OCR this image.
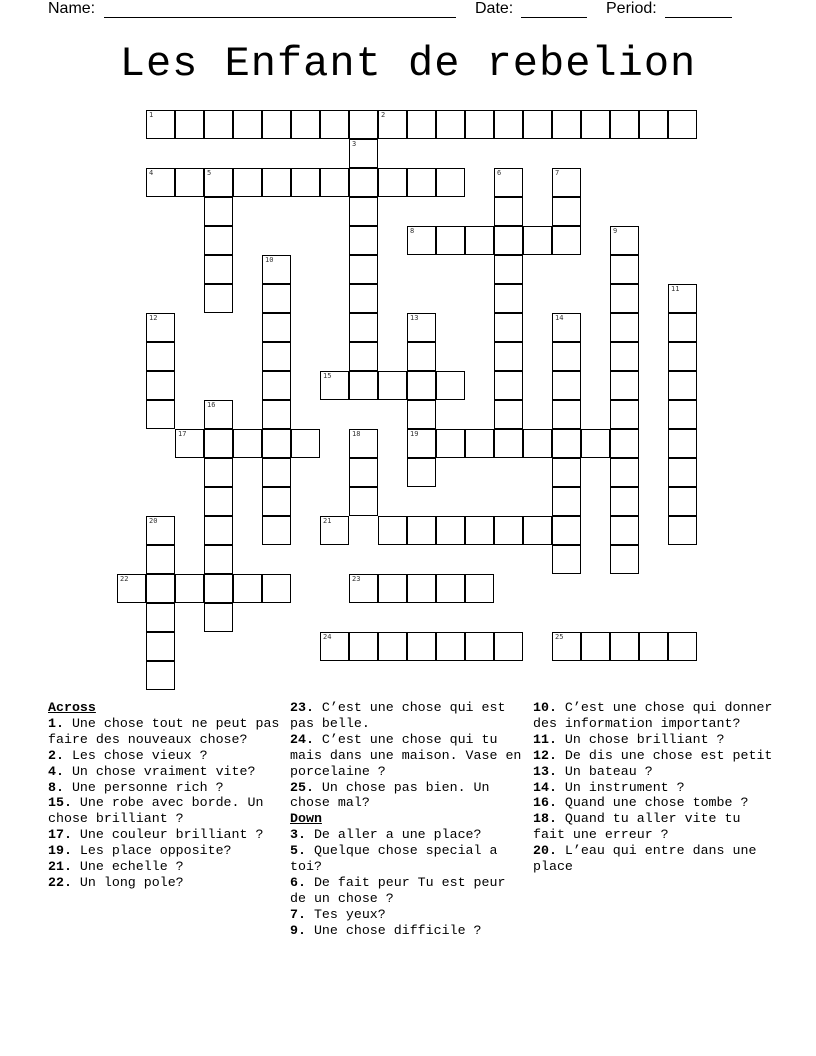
Name:	Date:	Period:
Les Enfant de rebelion
1	2
3
4	5	6	7
8	9
10
11
12	13	14
15
16
17	18	19
20	21
22	23
24	25
Across
1. Une chose tout ne peut pas faire des nouveaux chose?
2. Les chose vieux ?
4. Un chose vraiment vite?
8. Une personne rich ?
15. Une robe avec borde. Un chose brilliant ?
17. Une couleur brilliant ?
19. Les place opposite?
21. Une echelle ?
22. Un long pole?
23. C’est une chose qui est pas belle.
24. C’est une chose qui tu mais dans une maison. Vase en porcelaine ?
25. Un chose pas bien. Un chose mal?
Down
3. De aller a une place?
5. Quelque chose special a toi?
6. De fait peur Tu est peur de un chose ?
7. Tes yeux?
9. Une chose difficile ?
10. C’est une chose qui donner des information important?
11. Un chose brilliant ?
12. De dis une chose est petit
13. Un bateau ?
14. Un instrument ?
16. Quand une chose tombe ?
18. Quand tu aller vite tu fait une erreur ?
20. L’eau qui entre dans une place
